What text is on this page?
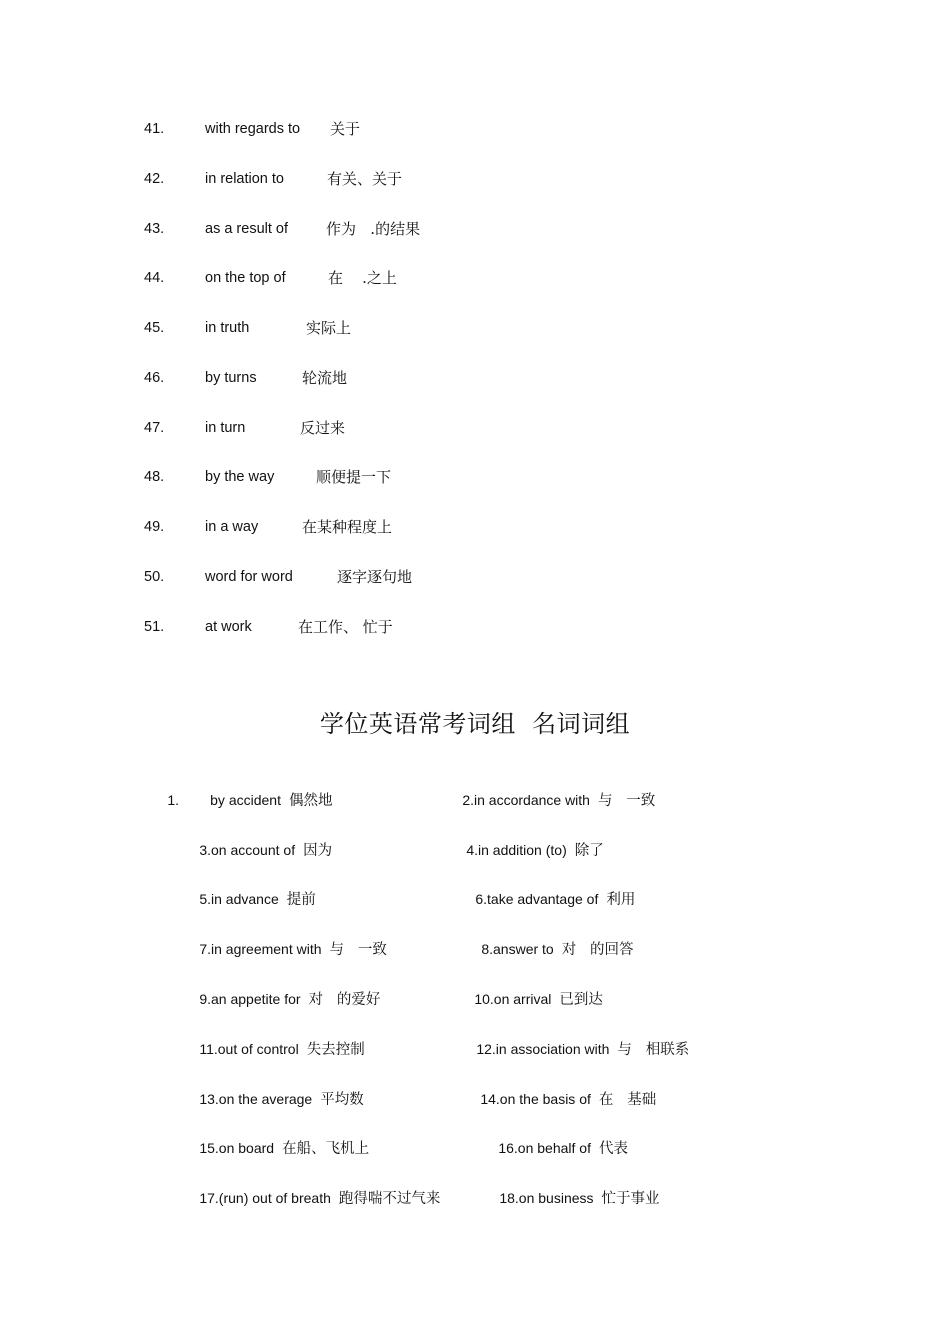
41.	with regards to 关于
42.	in relation to	有关、关于
43.	as a result of	作为   .的结果
44.	on the top of	在    .之上
45.	in truth	实际上
46.	by turns	轮流地
47.	in turn	反过来
48.	by the way	顺便提一下
49.	in a way	在某种程度上
50.	word for word	逐字逐句地
51.	at work	在工作、 忙于
学位英语常考词组  名词词组

1.        by accident 偶然地
	2.in accordance with 与   一致

3.on account of 因为
	4.in addition (to) 除了

5.in advance 提前
	6.take advantage of 利用

7.in agreement with 与   一致
	8.answer to 对   的回答

9.an appetite for 对   的爱好
	10.on arrival 已到达

11.out of control 失去控制
	12.in association with 与   相联系

13.on the average 平均数
	14.on the basis of 在   基础

15.on board 在船、飞机上
	16.on behalf of 代表

17.(run) out of breath 跑得喘不过气来
	18.on business 忙于事业
